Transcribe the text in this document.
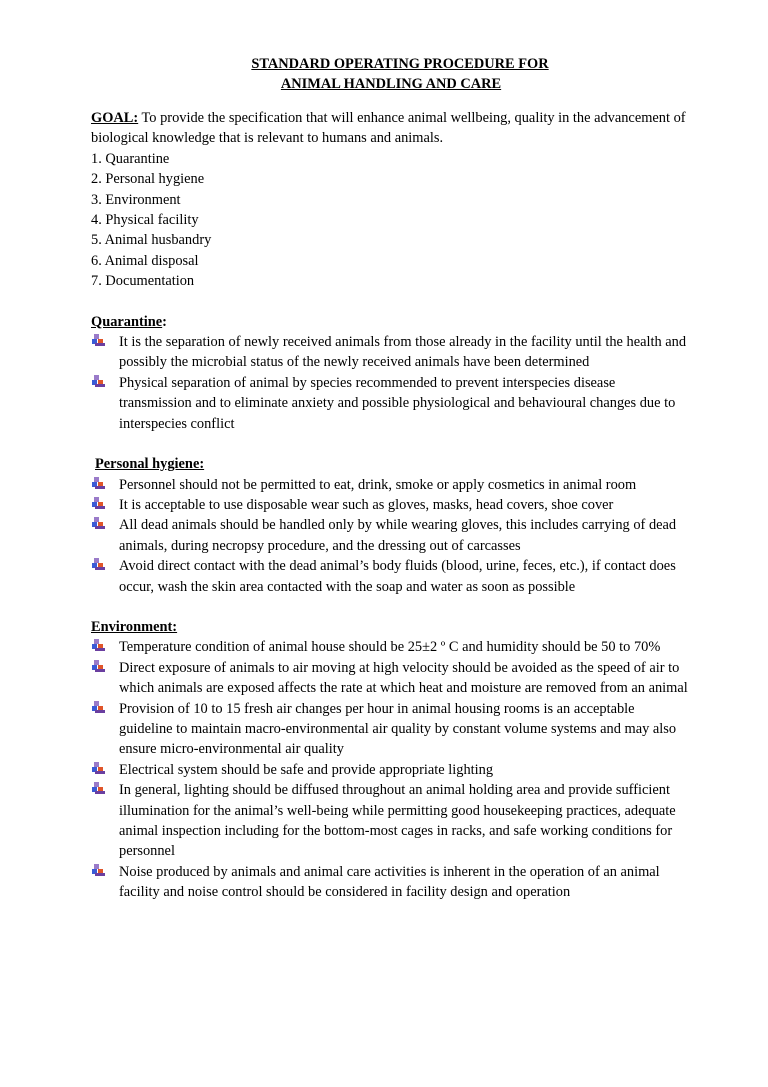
STANDARD OPERATING PROCEDURE FOR
ANIMAL HANDLING AND CARE
GOAL: To provide the specification that will enhance animal wellbeing, quality in the advancement of biological knowledge that is relevant to humans and animals.
1. Quarantine
2. Personal hygiene
3. Environment
4. Physical facility
5. Animal husbandry
6. Animal disposal
7. Documentation
Quarantine:
It is the separation of newly received animals from those already in the facility until the health and possibly the microbial status of the newly received animals have been determined
Physical separation of animal by species recommended to prevent interspecies disease transmission and to eliminate anxiety and possible physiological and behavioural changes due to interspecies conflict
Personal hygiene:
Personnel should not be permitted to eat, drink, smoke or apply cosmetics in animal room
It is acceptable to use disposable wear such as gloves, masks, head covers, shoe cover
All dead animals should be handled only by while wearing gloves, this includes carrying of dead animals, during necropsy procedure, and the dressing out of carcasses
Avoid direct contact with the dead animal’s body fluids (blood, urine, feces, etc.), if contact does occur, wash the skin area contacted with the soap and water as soon as possible
Environment:
Temperature condition of animal house should be 25±2 º C and humidity should be 50 to 70%
Direct exposure of animals to air moving at high velocity should be avoided as the speed of air to which animals are exposed affects the rate at which heat and moisture are removed from an animal
Provision of 10 to 15 fresh air changes per hour in animal housing rooms is an acceptable guideline to maintain macro-environmental air quality by constant volume systems and may also ensure micro-environmental air quality
Electrical system should be safe and provide appropriate lighting
In general, lighting should be diffused throughout an animal holding area and provide sufficient illumination for the animal’s well-being while permitting good housekeeping practices, adequate animal inspection including for the bottom-most cages in racks, and safe working conditions for personnel
Noise produced by animals and animal care activities is inherent in the operation of an animal facility and noise control should be considered in facility design and operation
